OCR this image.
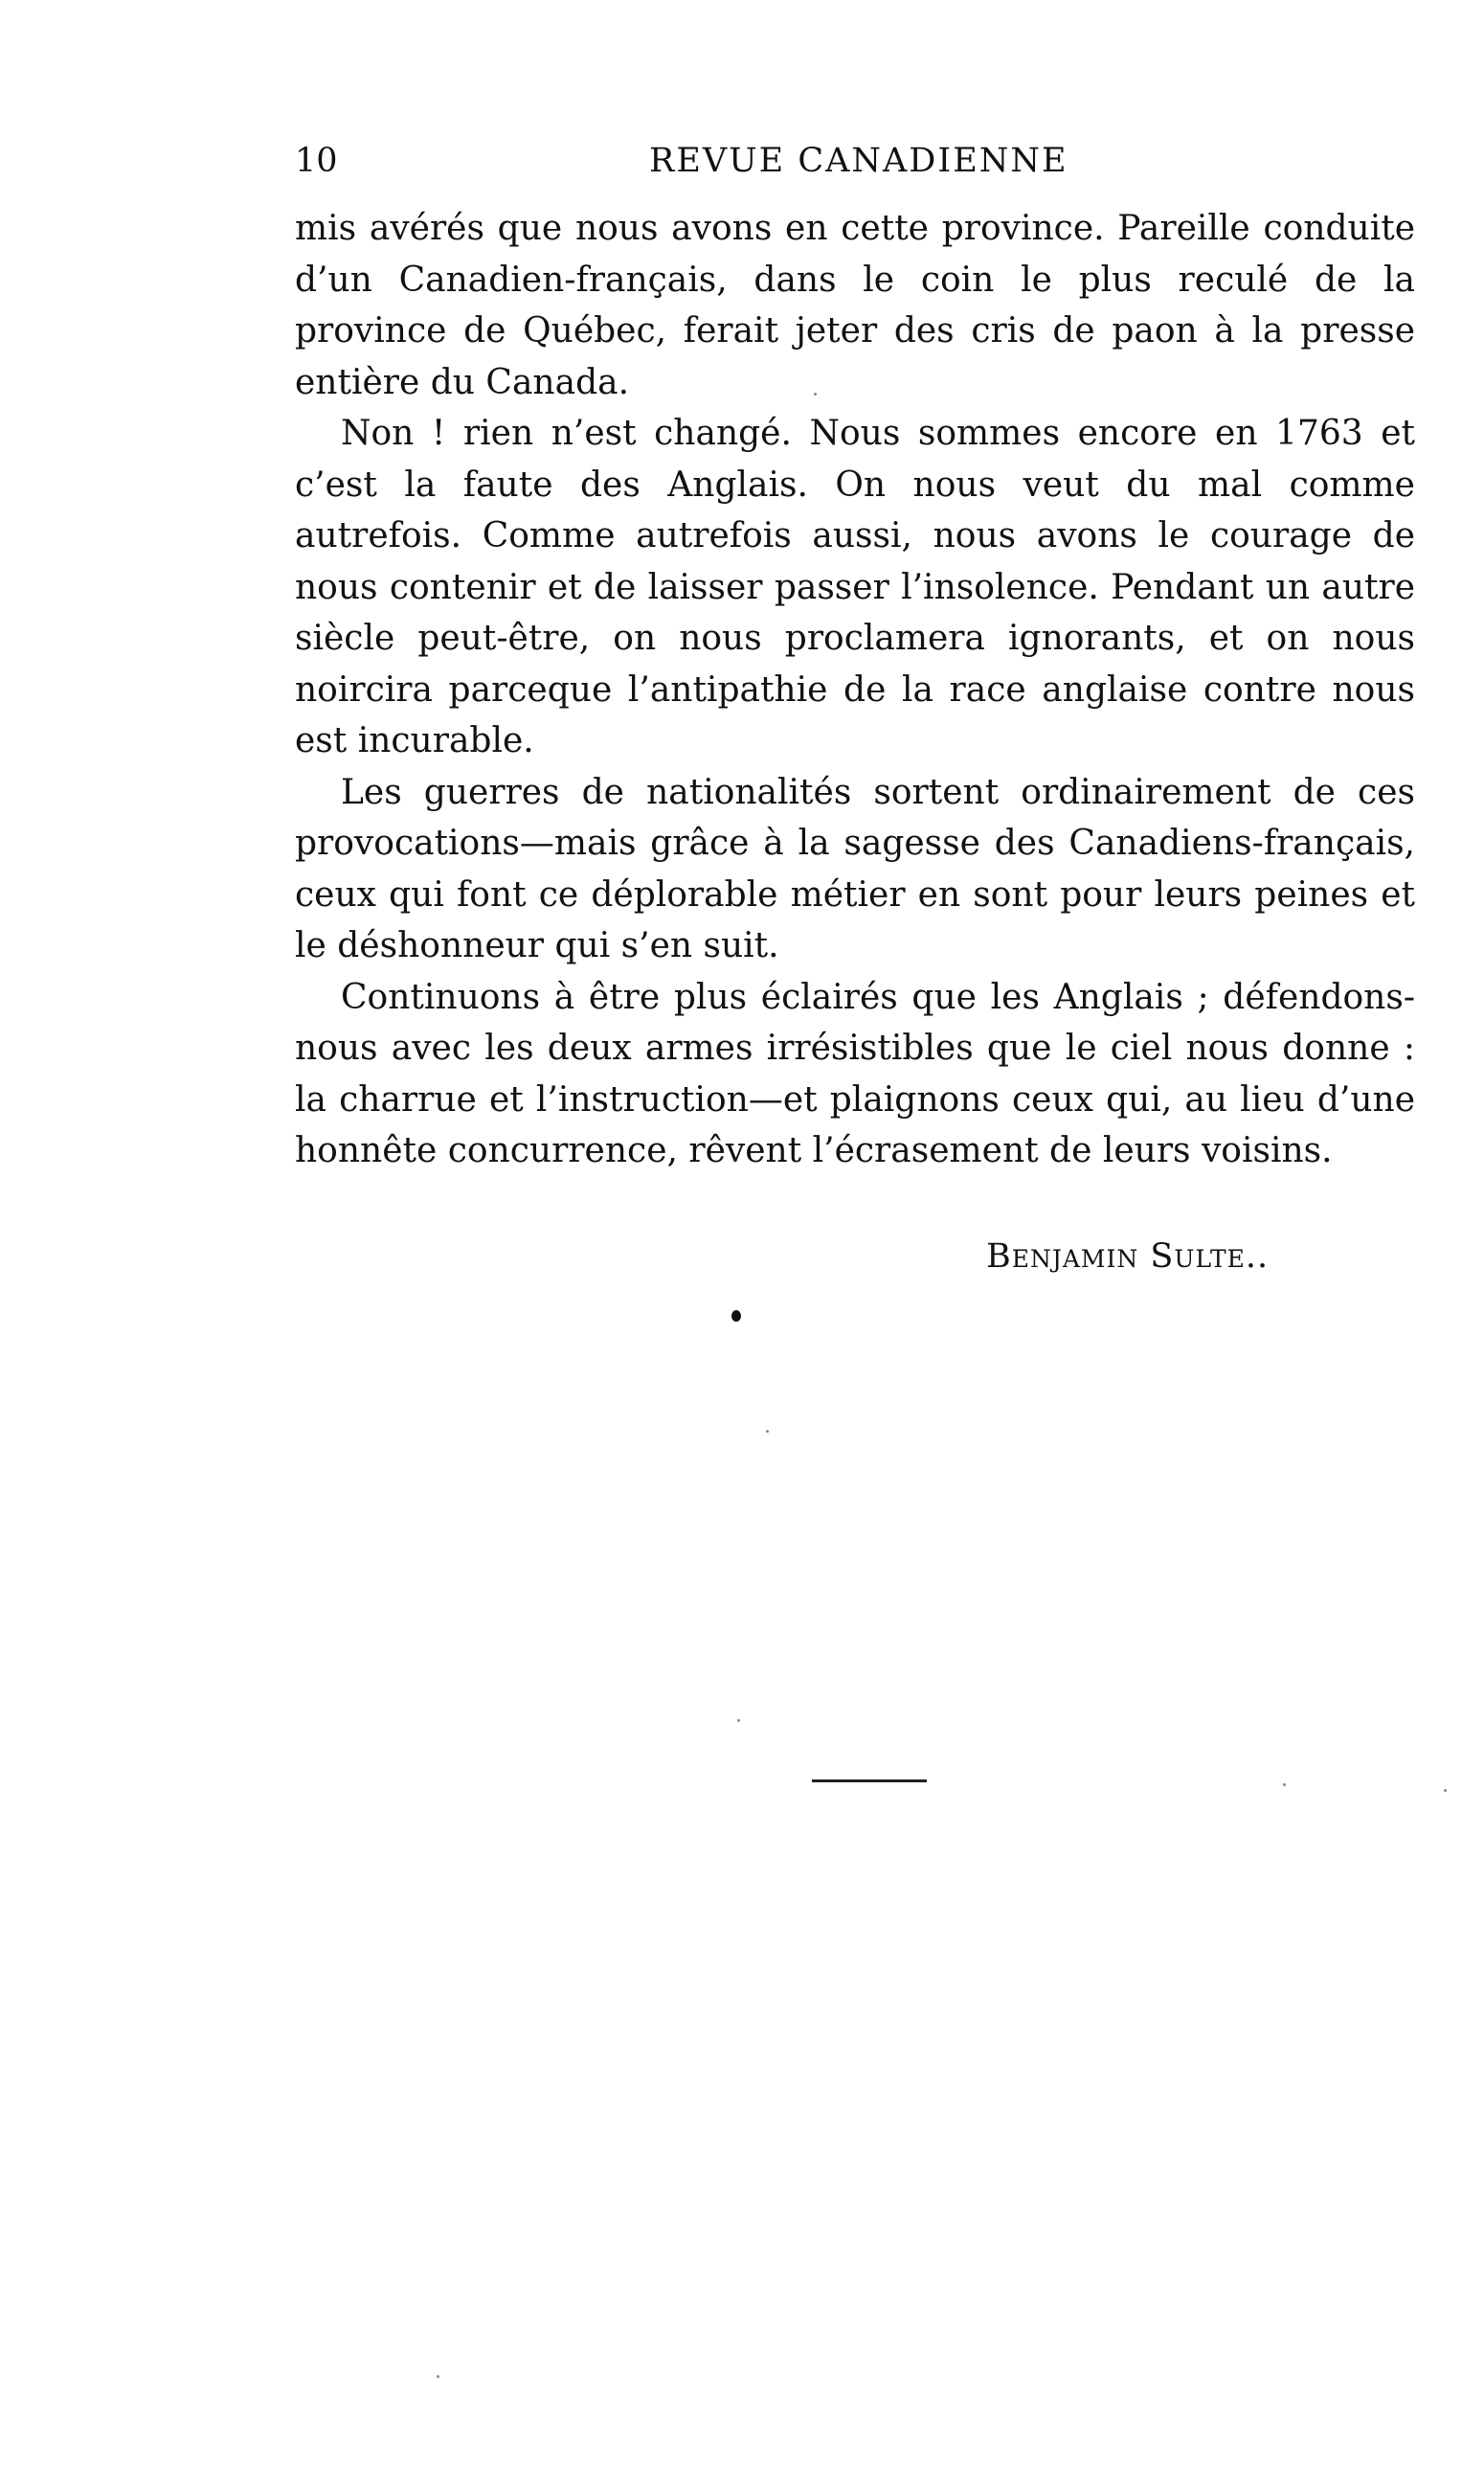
10	REVUE CANADIENNE

mis avérés que nous avons en cette province. Pareille conduite d’un Canadien-français, dans le coin le plus reculé de la province de Québec, ferait jeter des cris de paon à la presse entière du Canada.

Non ! rien n’est changé. Nous sommes encore en 1763 et c’est la faute des Anglais. On nous veut du mal comme autrefois. Comme autrefois aussi, nous avons le courage de nous contenir et de laisser passer l’insolence. Pendant un autre siècle peut-être, on nous proclamera ignorants, et on nous noircira parceque l’antipathie de la race anglaise contre nous est incurable.

Les guerres de nationalités sortent ordinairement de ces provocations—mais grâce à la sagesse des Canadiens-français, ceux qui font ce déplorable métier en sont pour leurs peines et le déshonneur qui s’en suit.

Continuons à être plus éclairés que les Anglais ; défendons-nous avec les deux armes irrésistibles que le ciel nous donne : la charrue et l’instruction—et plaignons ceux qui, au lieu d’une honnête concurrence, rêvent l’écrasement de leurs voisins.

Benjamin Sulte..
